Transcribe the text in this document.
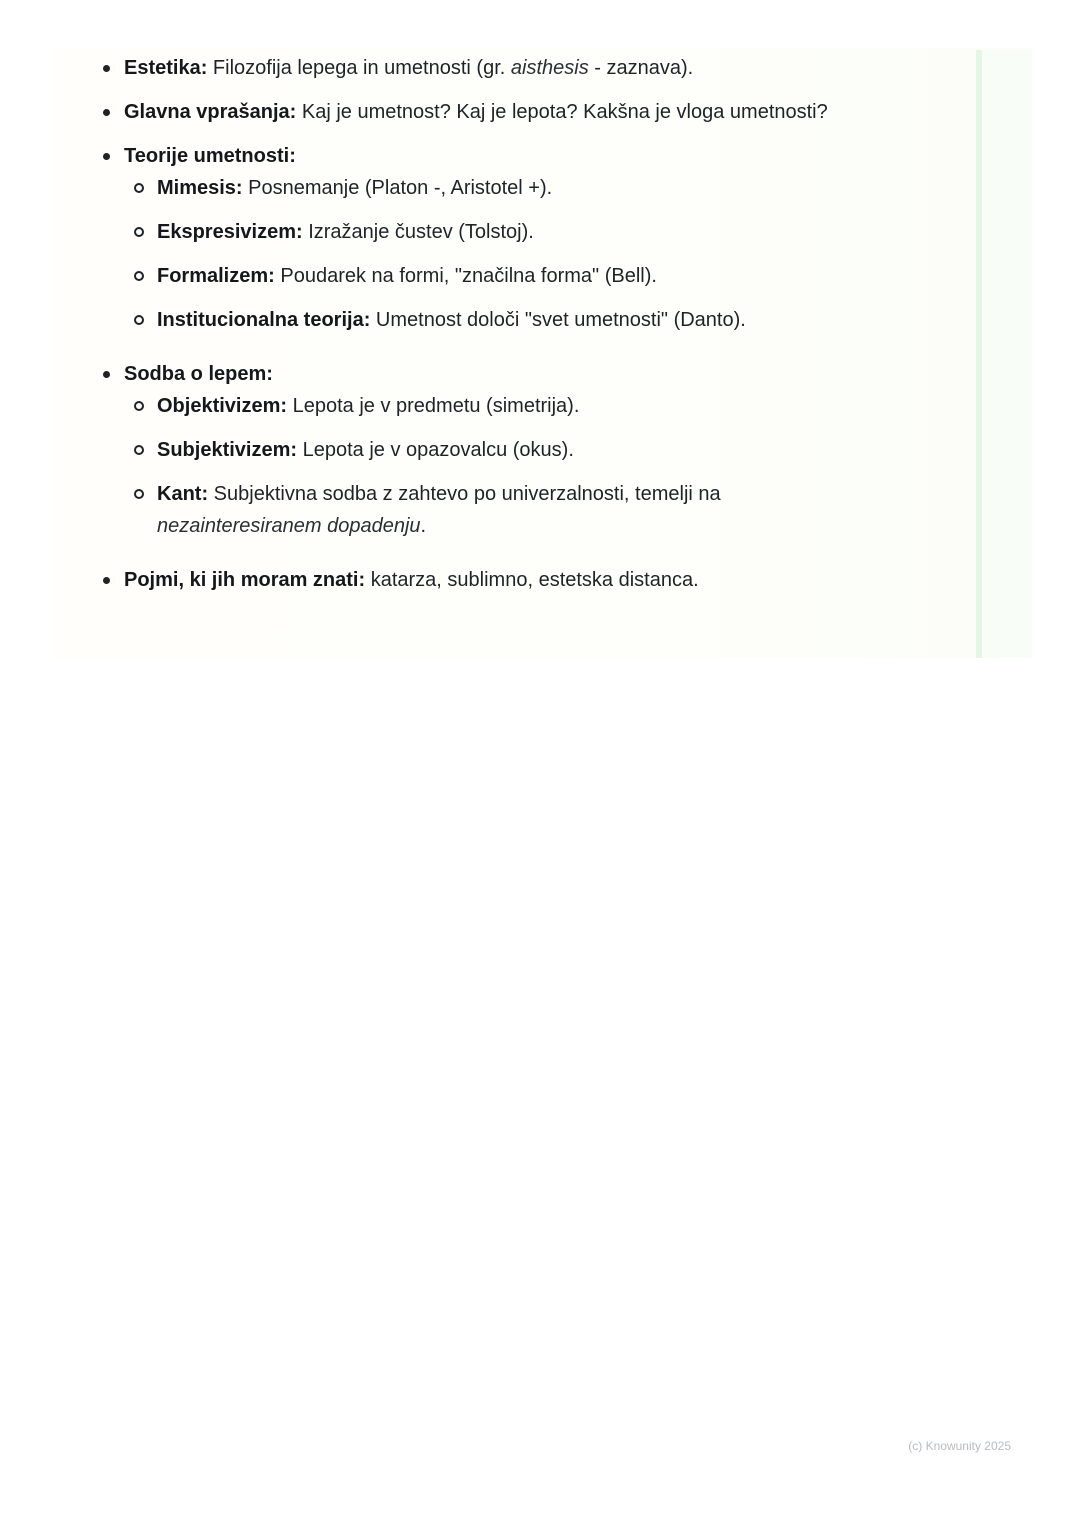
Estetika: Filozofija lepega in umetnosti (gr. aisthesis - zaznava).
Glavna vprašanja: Kaj je umetnost? Kaj je lepota? Kakšna je vloga umetnosti?
Teorije umetnosti:
Mimesis: Posnemanje (Platon -, Aristotel +).
Ekspresivizem: Izražanje čustev (Tolstoj).
Formalizem: Poudarek na formi, "značilna forma" (Bell).
Institucionalna teorija: Umetnost določi "svet umetnosti" (Danto).
Sodba o lepem:
Objektivizem: Lepota je v predmetu (simetrija).
Subjektivizem: Lepota je v opazovalcu (okus).
Kant: Subjektivna sodba z zahtevo po univerzalnosti, temelji na nezainteresiranem dopadenju.
Pojmi, ki jih moram znati: katarza, sublimno, estetska distanca.
(c) Knowunity 2025
